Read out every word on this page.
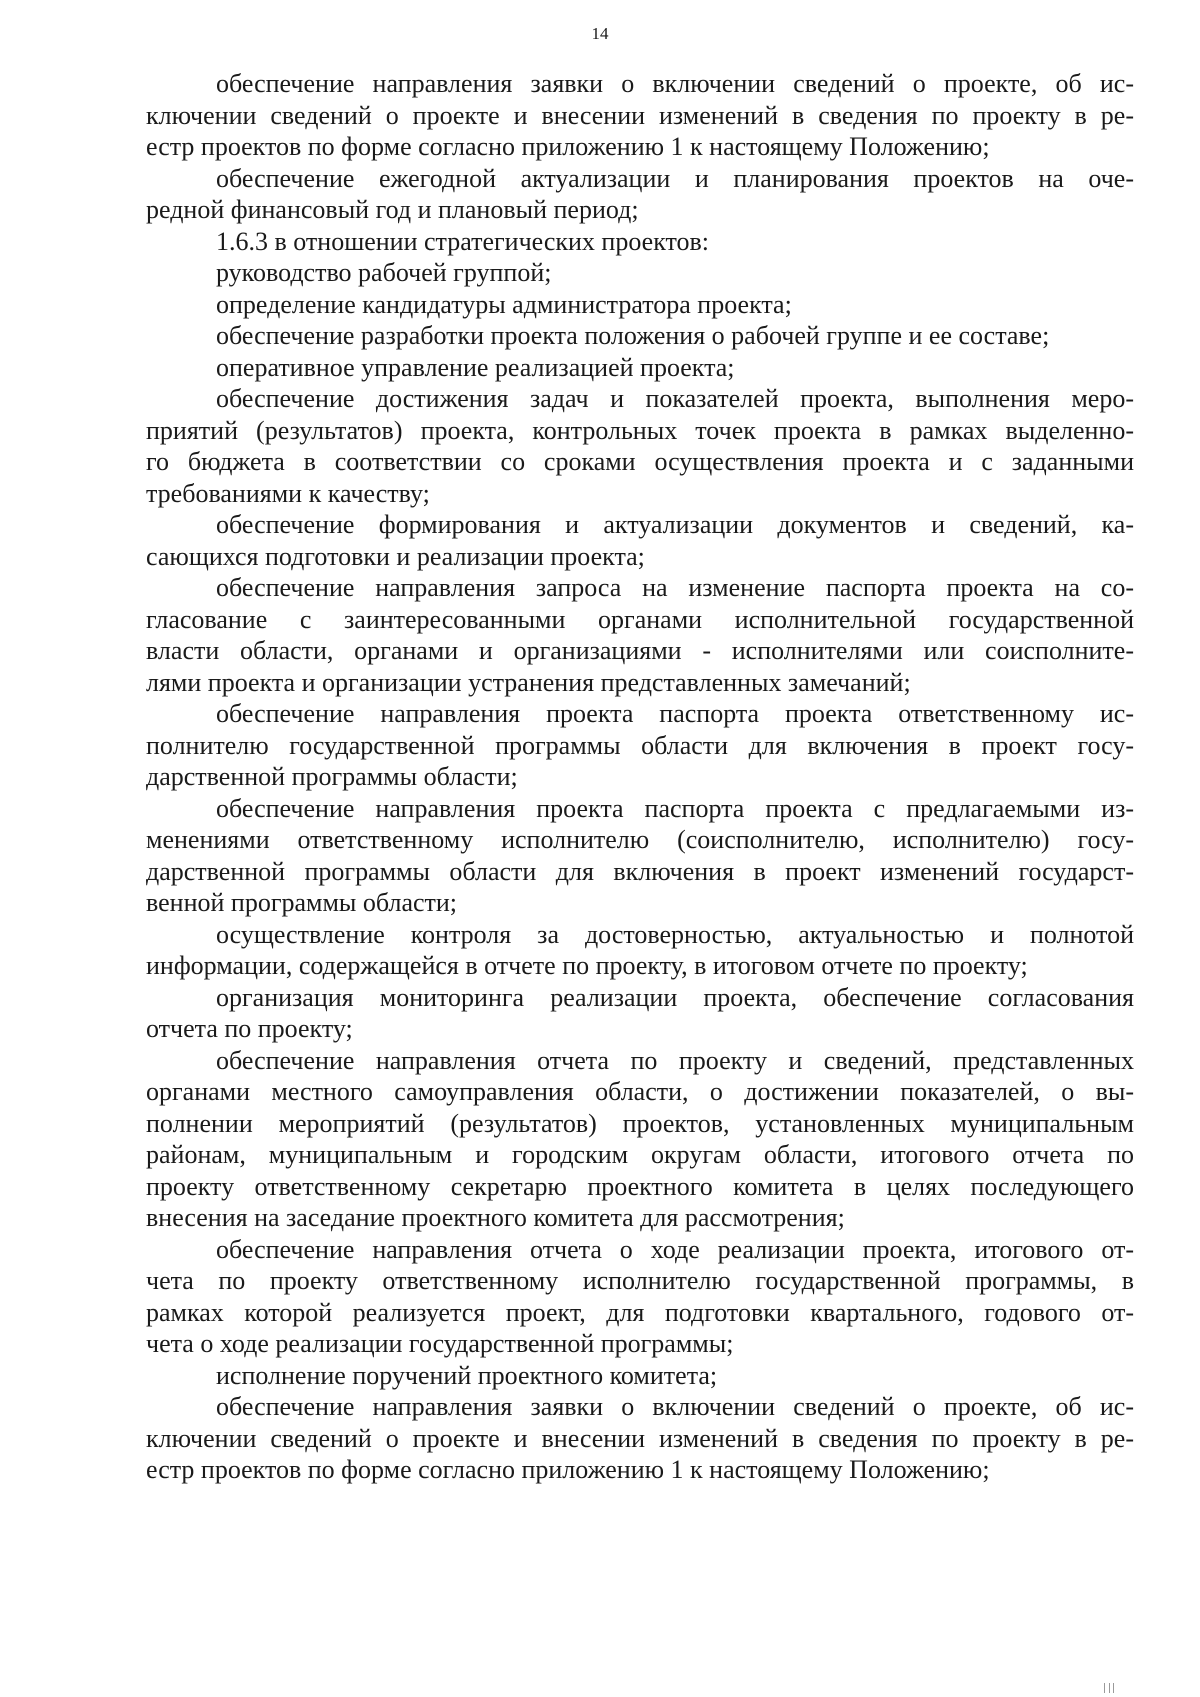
14
обеспечение направления заявки о включении сведений о проекте, об ис-
ключении сведений о проекте и внесении изменений в сведения по проекту в ре-
естр проектов по форме согласно приложению 1 к настоящему Положению;
обеспечение ежегодной актуализации и планирования проектов на оче-
редной финансовый год и плановый период;
1.6.3 в отношении стратегических проектов:
руководство рабочей группой;
определение кандидатуры администратора проекта;
обеспечение разработки проекта положения о рабочей группе и ее составе;
оперативное управление реализацией проекта;
обеспечение достижения задач и показателей проекта, выполнения меро-
приятий (результатов) проекта, контрольных точек проекта в рамках выделенно-
го бюджета в соответствии со сроками осуществления проекта и с заданными
требованиями к качеству;
обеспечение формирования и актуализации документов и сведений, ка-
сающихся подготовки и реализации проекта;
обеспечение направления запроса на изменение паспорта проекта на со-
гласование с заинтересованными органами исполнительной государственной
власти области, органами и организациями - исполнителями или соисполните-
лями проекта и организации устранения представленных замечаний;
обеспечение направления проекта паспорта проекта ответственному ис-
полнителю государственной программы области для включения в проект госу-
дарственной программы области;
обеспечение направления проекта паспорта проекта с предлагаемыми из-
менениями ответственному исполнителю (соисполнителю, исполнителю) госу-
дарственной программы области для включения в проект изменений государст-
венной программы области;
осуществление контроля за достоверностью, актуальностью и полнотой
информации, содержащейся в отчете по проекту, в итоговом отчете по проекту;
организация мониторинга реализации проекта, обеспечение согласования
отчета по проекту;
обеспечение направления отчета по проекту и сведений, представленных
органами местного самоуправления области, о достижении показателей, о вы-
полнении мероприятий (результатов) проектов, установленных муниципальным
районам, муниципальным и городским округам области, итогового отчета по
проекту ответственному секретарю проектного комитета в целях последующего
внесения на заседание проектного комитета для рассмотрения;
обеспечение направления отчета о ходе реализации проекта, итогового от-
чета по проекту ответственному исполнителю государственной программы, в
рамках которой реализуется проект, для подготовки квартального, годового от-
чета о ходе реализации государственной программы;
исполнение поручений проектного комитета;
обеспечение направления заявки о включении сведений о проекте, об ис-
ключении сведений о проекте и внесении изменений в сведения по проекту в ре-
естр проектов по форме согласно приложению 1 к настоящему Положению;
